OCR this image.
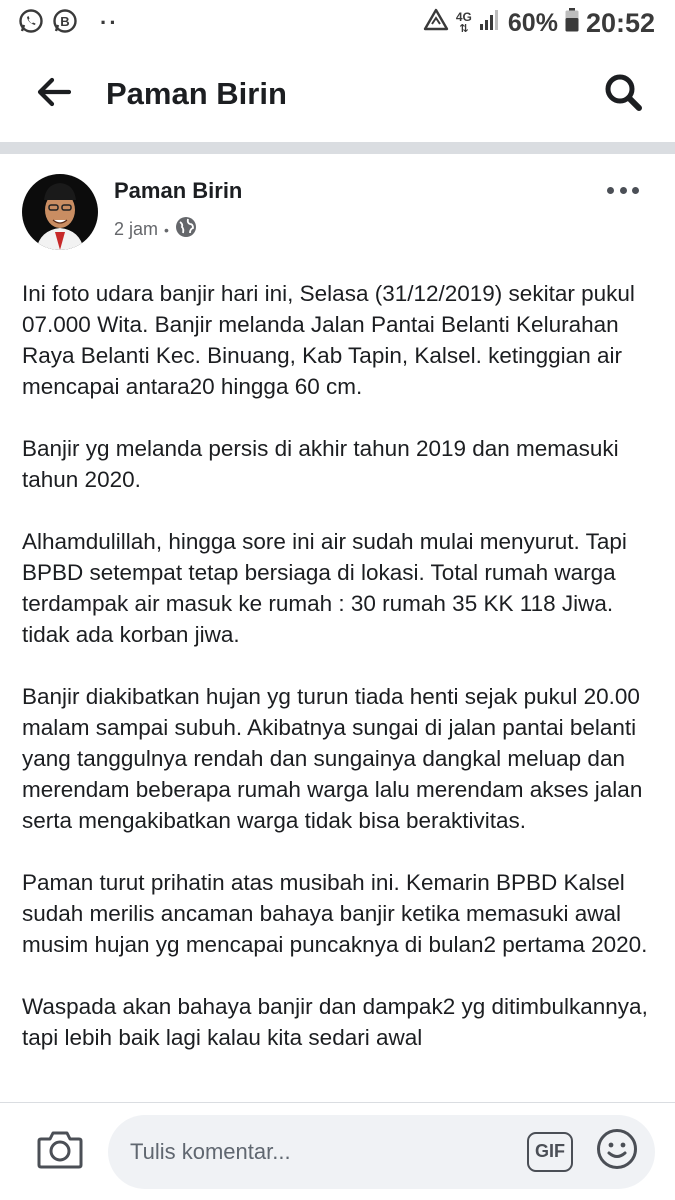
B ··	4G
⇅ 60% 20:52
Paman Birin
Paman Birin
2 jam •

Ini foto udara banjir hari ini, Selasa (31/12/2019) sekitar pukul 07.000 Wita. Banjir melanda Jalan Pantai Belanti Kelurahan Raya Belanti Kec. Binuang, Kab Tapin, Kalsel. ketinggian air mencapai antara20 hingga 60 cm.

Banjir yg melanda persis di akhir tahun 2019 dan memasuki tahun 2020.

Alhamdulillah, hingga sore ini air sudah mulai menyurut. Tapi BPBD setempat tetap bersiaga di lokasi. Total rumah warga terdampak air masuk ke rumah : 30 rumah 35 KK 118 Jiwa. tidak ada korban jiwa.

Banjir diakibatkan hujan yg turun tiada henti sejak pukul 20.00 malam sampai subuh. Akibatnya sungai di jalan pantai belanti yang tanggulnya rendah dan sungainya dangkal meluap dan merendam beberapa rumah warga lalu merendam akses jalan serta mengakibatkan warga tidak bisa beraktivitas.

Paman turut prihatin atas musibah ini. Kemarin BPBD Kalsel sudah merilis ancaman bahaya banjir ketika memasuki awal musim hujan yg mencapai puncaknya di bulan2 pertama 2020.

Waspada akan bahaya banjir dan dampak2 yg ditimbulkannya, tapi lebih baik lagi kalau kita sedari awal

Tulis komentar...
GIF
